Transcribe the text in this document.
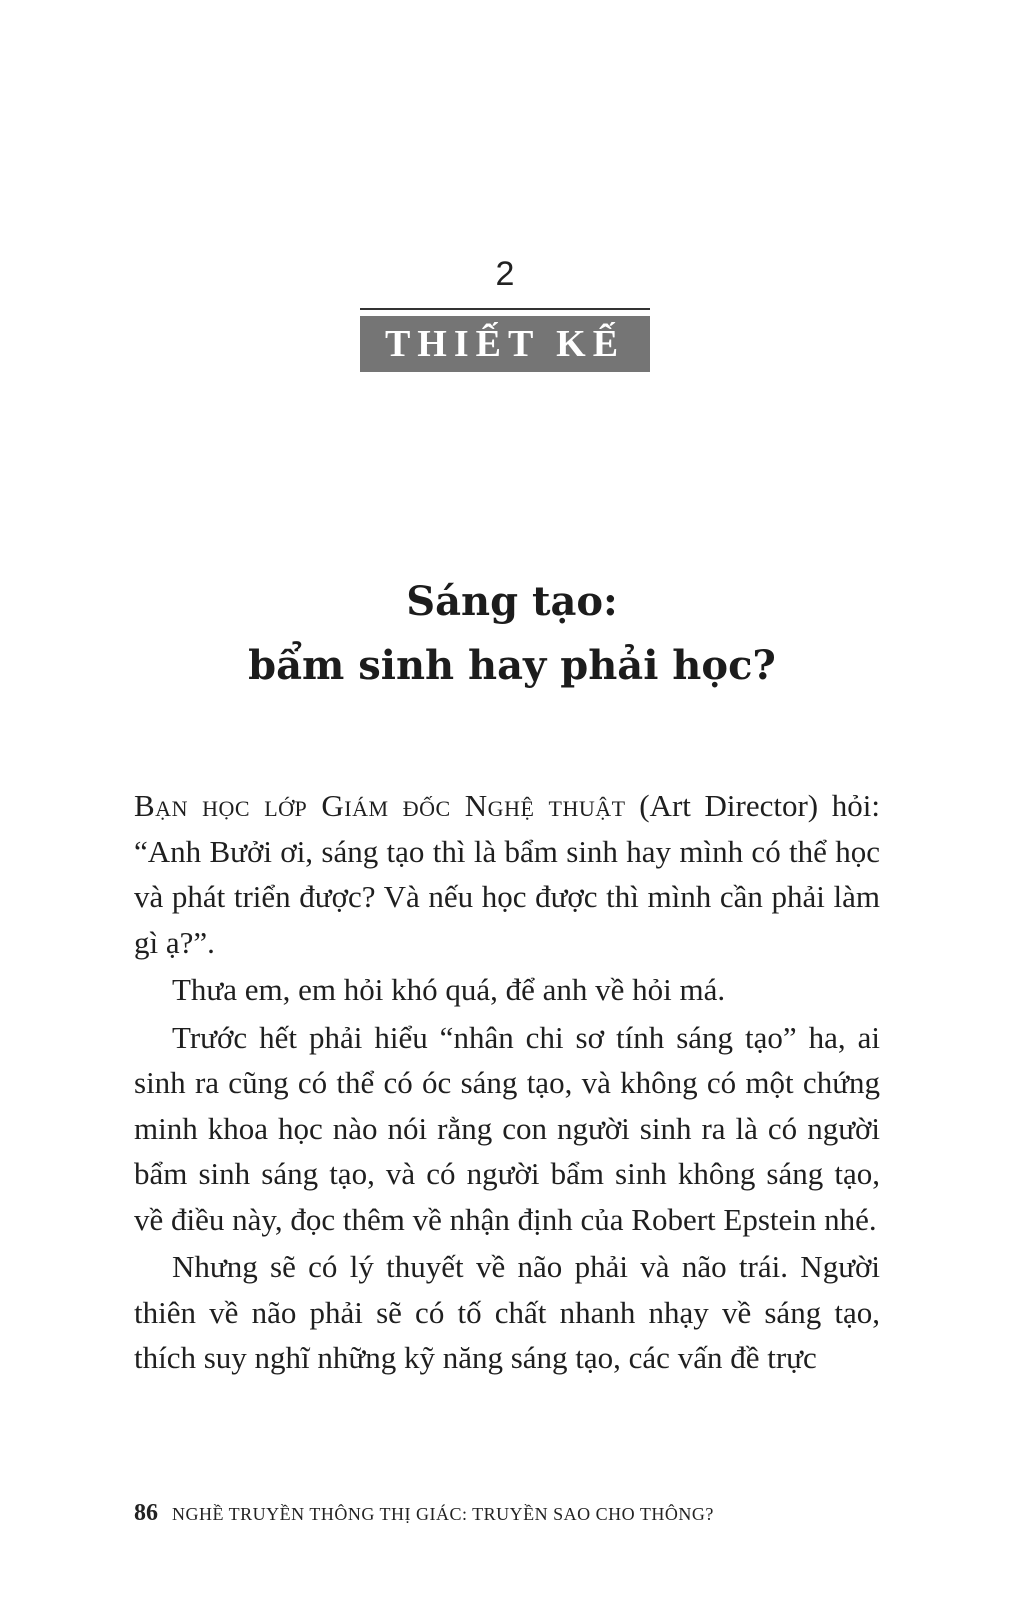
2
THIẾT KẾ
Sáng tạo:
bẩm sinh hay phải học?

Bạn học lớp Giám đốc Nghệ thuật (Art Director) hỏi: “Anh Bưởi ơi, sáng tạo thì là bẩm sinh hay mình có thể học và phát triển được? Và nếu học được thì mình cần phải làm gì ạ?”.

Thưa em, em hỏi khó quá, để anh về hỏi má.

Trước hết phải hiểu “nhân chi sơ tính sáng tạo” ha, ai sinh ra cũng có thể có óc sáng tạo, và không có một chứng minh khoa học nào nói rằng con người sinh ra là có người bẩm sinh sáng tạo, và có người bẩm sinh không sáng tạo, về điều này, đọc thêm về nhận định của Robert Epstein nhé.

Nhưng sẽ có lý thuyết về não phải và não trái. Người thiên về não phải sẽ có tố chất nhanh nhạy về sáng tạo, thích suy nghĩ những kỹ năng sáng tạo, các vấn đề trực

86 NGHỀ TRUYỀN THÔNG THỊ GIÁC: TRUYỀN SAO CHO THÔNG?
